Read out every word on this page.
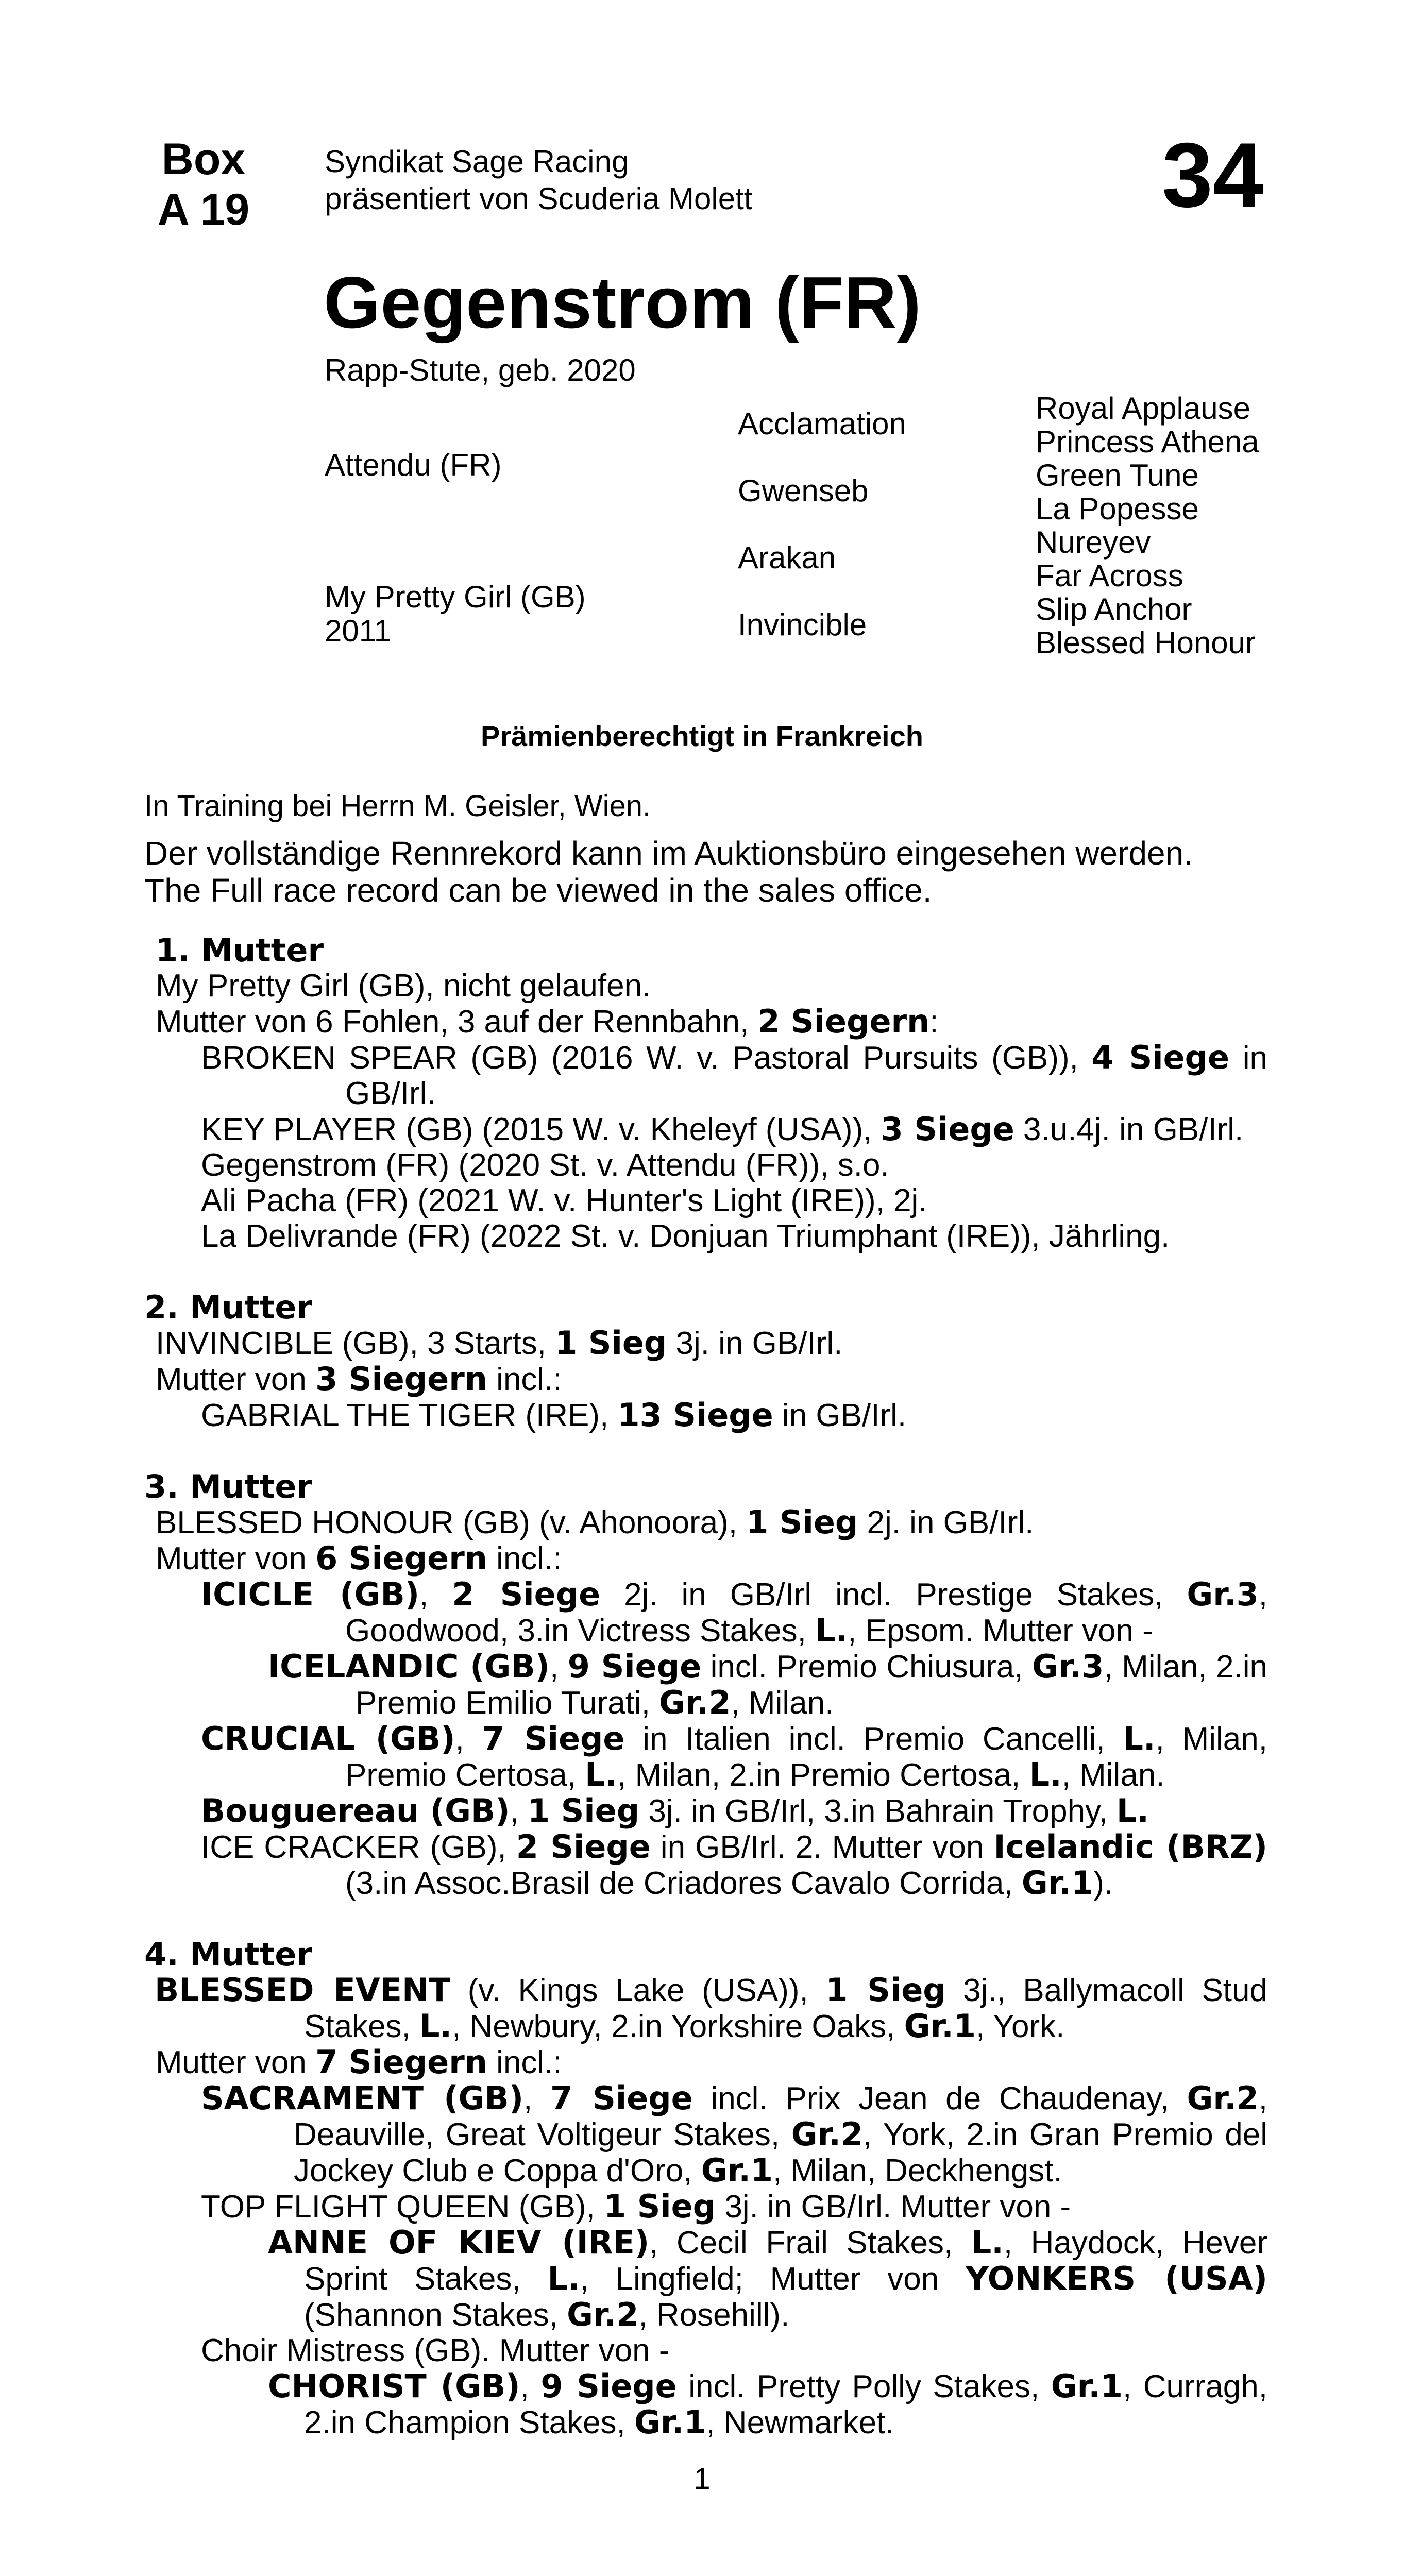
Box
A 19
Syndikat Sage Racing
präsentiert von Scuderia Molett	34
Gegenstrom (FR)
Rapp-Stute, geb. 2020
Attendu (FR)
My Pretty Girl (GB)
2011
Acclamation
Gwenseb
Arakan
Invincible
Royal Applause
Princess Athena
Green Tune
La Popesse
Nureyev
Far Across
Slip Anchor
Blessed Honour
Prämienberechtigt in Frankreich
In Training bei Herrn M. Geisler, Wien.
Der vollständige Rennrekord kann im Auktionsbüro eingesehen werden.
The Full race record can be viewed in the sales office.
1. Mutter
My Pretty Girl (GB), nicht gelaufen.
Mutter von 6 Fohlen, 3 auf der Rennbahn, 2 Siegern:
BROKEN SPEAR (GB) (2016 W. v. Pastoral Pursuits (GB)), 4 Siege in GB/Irl.
KEY PLAYER (GB) (2015 W. v. Kheleyf (USA)), 3 Siege 3.u.4j. in GB/Irl.
Gegenstrom (FR) (2020 St. v. Attendu (FR)), s.o.
Ali Pacha (FR) (2021 W. v. Hunter's Light (IRE)), 2j.
La Delivrande (FR) (2022 St. v. Donjuan Triumphant (IRE)), Jährling.
2. Mutter
INVINCIBLE (GB), 3 Starts, 1 Sieg 3j. in GB/Irl.
Mutter von 3 Siegern incl.:
GABRIAL THE TIGER (IRE), 13 Siege in GB/Irl.
3. Mutter
BLESSED HONOUR (GB) (v. Ahonoora), 1 Sieg 2j. in GB/Irl.
Mutter von 6 Siegern incl.:
ICICLE (GB), 2 Siege 2j. in GB/Irl incl. Prestige Stakes, Gr.3, Goodwood, 3.in Victress Stakes, L., Epsom. Mutter von -
ICELANDIC (GB), 9 Siege incl. Premio Chiusura, Gr.3, Milan, 2.in Premio Emilio Turati, Gr.2, Milan.
CRUCIAL (GB), 7 Siege in Italien incl. Premio Cancelli, L., Milan, Premio Certosa, L., Milan, 2.in Premio Certosa, L., Milan.
Bouguereau (GB), 1 Sieg 3j. in GB/Irl, 3.in Bahrain Trophy, L.
ICE CRACKER (GB), 2 Siege in GB/Irl. 2. Mutter von Icelandic (BRZ) (3.in Assoc.Brasil de Criadores Cavalo Corrida, Gr.1).
4. Mutter
BLESSED EVENT (v. Kings Lake (USA)), 1 Sieg 3j., Ballymacoll Stud Stakes, L., Newbury, 2.in Yorkshire Oaks, Gr.1, York.
Mutter von 7 Siegern incl.:
SACRAMENT (GB), 7 Siege incl. Prix Jean de Chaudenay, Gr.2, Deauville, Great Voltigeur Stakes, Gr.2, York, 2.in Gran Premio del Jockey Club e Coppa d'Oro, Gr.1, Milan, Deckhengst.
TOP FLIGHT QUEEN (GB), 1 Sieg 3j. in GB/Irl. Mutter von -
ANNE OF KIEV (IRE), Cecil Frail Stakes, L., Haydock, Hever Sprint Stakes, L., Lingfield; Mutter von YONKERS (USA) (Shannon Stakes, Gr.2, Rosehill).
Choir Mistress (GB). Mutter von -
CHORIST (GB), 9 Siege incl. Pretty Polly Stakes, Gr.1, Curragh, 2.in Champion Stakes, Gr.1, Newmarket.
1
